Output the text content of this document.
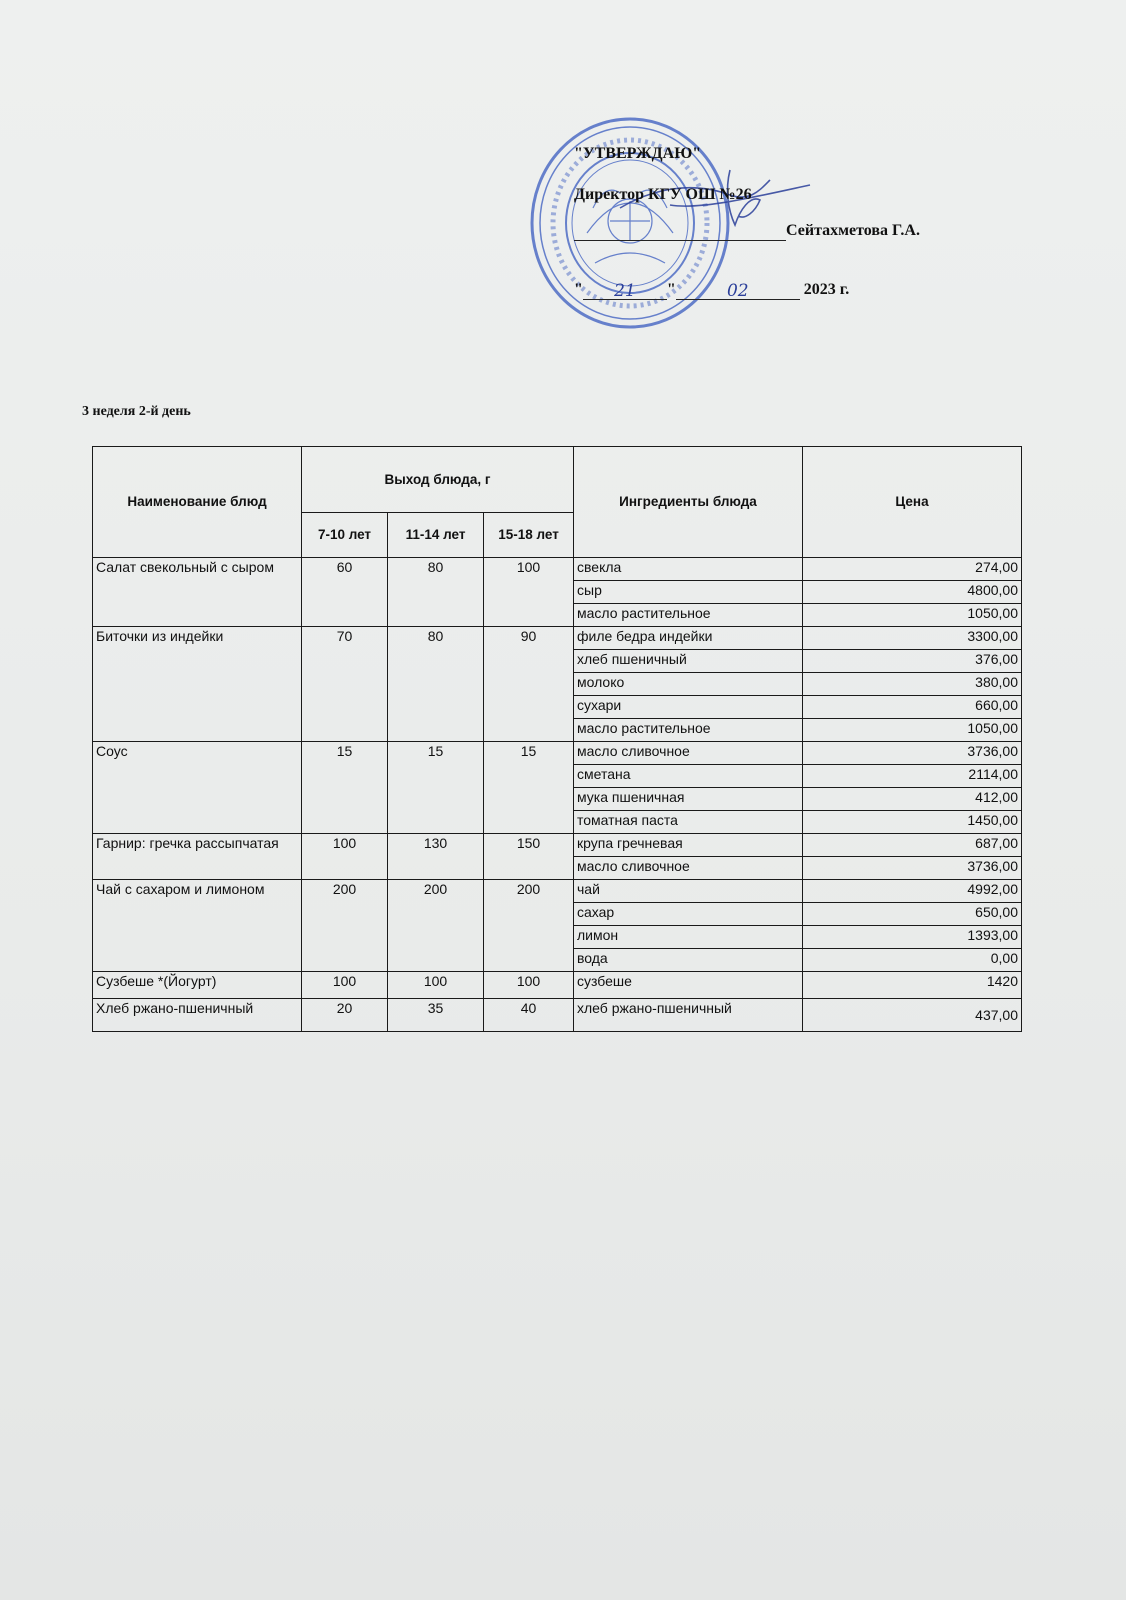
"УТВЕРЖДАЮ"
Директор КГУ ОШ №26
Сейтахметова Г.А.
" 21 "	02	2023 г.
3 неделя 2-й день
Наименование блюд	Выход блюда, г			Ингредиенты блюда	Цена
	7-10 лет	11-14 лет	15-18 лет		
Салат свекольный с сыром	60	80	100	свекла	274,00
				сыр	4800,00
				масло растительное	1050,00
Биточки из индейки	70	80	90	филе бедра индейки	3300,00
				хлеб пшеничный	376,00
				молоко	380,00
				сухари	660,00
				масло растительное	1050,00
Соус	15	15	15	масло сливочное	3736,00
				сметана	2114,00
				мука пшеничная	412,00
				томатная паста	1450,00
Гарнир: гречка рассыпчатая	100	130	150	крупа гречневая	687,00
				масло сливочное	3736,00
Чай с сахаром и лимоном	200	200	200	чай	4992,00
				сахар	650,00
				лимон	1393,00
				вода	0,00
Сузбеше *(Йогурт)	100	100	100	сузбеше	1420
Хлеб ржано-пшеничный	20	35	40	хлеб ржано-пшеничный	437,00
